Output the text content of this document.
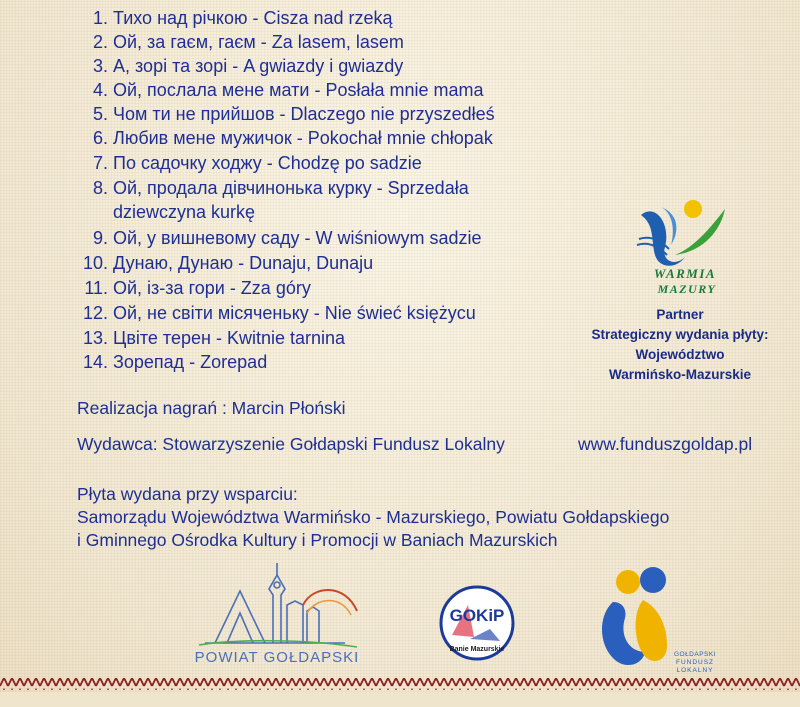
1. Тихо над річкою - Cisza nad rzeką
2. Ой, за гаєм, гаєм - Za lasem, lasem
3. А, зорі та зорі - A gwiazdy i gwiazdy
4. Ой, послала мене мати - Posłała mnie mama
5. Чом ти не прийшов - Dlaczego nie przyszedłeś
6. Любив мене мужичок - Pokochał mnie chłopak
7. По садочку ходжу - Chodzę po sadzie
8. Ой, продала дівчинонька курку - Sprzedała
dziewczyna kurkę
9. Ой, у вишневому саду - W wiśniowym sadzie
10. Дунаю, Дунаю - Dunaju, Dunaju
11. Ой, із-за гори - Zza góry
12. Ой, не світи місяченьку - Nie świeć księżycu
13. Цвіте терен - Kwitnie tarnina
14. Зорепад - Zorepad
WARMIA
MAZURY
Partner
Strategiczny wydania płyty:
Województwo
Warmińsko-Mazurskie
Realizacja nagrań : Marcin Płoński
Wydawca: Stowarzyszenie Gołdapski Fundusz Lokalny	www.funduszgoldap.pl
Płyta wydana przy wsparciu:
Samorządu Województwa Warmińsko - Mazurskiego, Powiatu Gołdapskiego
i Gminnego Ośrodka Kultury i Promocji w Baniach Mazurskich
POWIAT GOŁDAPSKI
GOKiP
Banie Mazurskie
GOŁDAPSKI
FUNDUSZ
LOKALNY
